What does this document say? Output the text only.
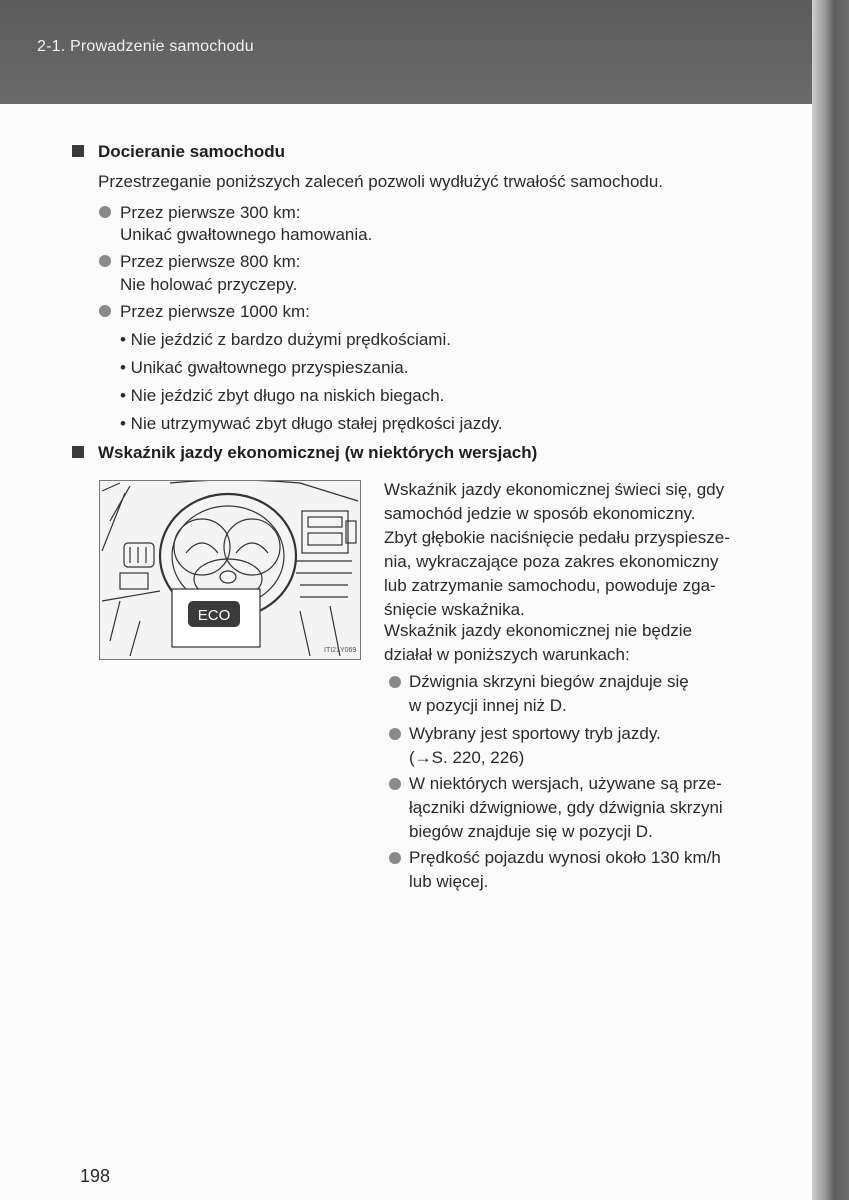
2-1. Prowadzenie samochodu
Docieranie samochodu
Przestrzeganie poniższych zaleceń pozwoli wydłużyć trwałość samochodu.
Przez pierwsze 300 km:
Unikać gwałtownego hamowania.
Przez pierwsze 800 km:
Nie holować przyczepy.
Przez pierwsze 1000 km:
• Nie jeździć z bardzo dużymi prędkościami.
• Unikać gwałtownego przyspieszania.
• Nie jeździć zbyt długo na niskich biegach.
• Nie utrzymywać zbyt długo stałej prędkości jazdy.
Wskaźnik jazdy ekonomicznej (w niektórych wersjach)
ECO
ITI21Y069
Wskaźnik jazdy ekonomicznej świeci się, gdy
samochód jedzie w sposób ekonomiczny.
Zbyt głębokie naciśnięcie pedału przyspiesze-
nia, wykraczające poza zakres ekonomiczny
lub zatrzymanie samochodu, powoduje zga-
śnięcie wskaźnika.
Wskaźnik jazdy ekonomicznej nie będzie
działał w poniższych warunkach:
Dźwignia skrzyni biegów znajduje się
w pozycji innej niż D.
Wybrany jest sportowy tryb jazdy.
(→S. 220, 226)
W niektórych wersjach, używane są prze-
łączniki dźwigniowe, gdy dźwignia skrzyni
biegów znajduje się w pozycji D.
Prędkość pojazdu wynosi około 130 km/h
lub więcej.
198
